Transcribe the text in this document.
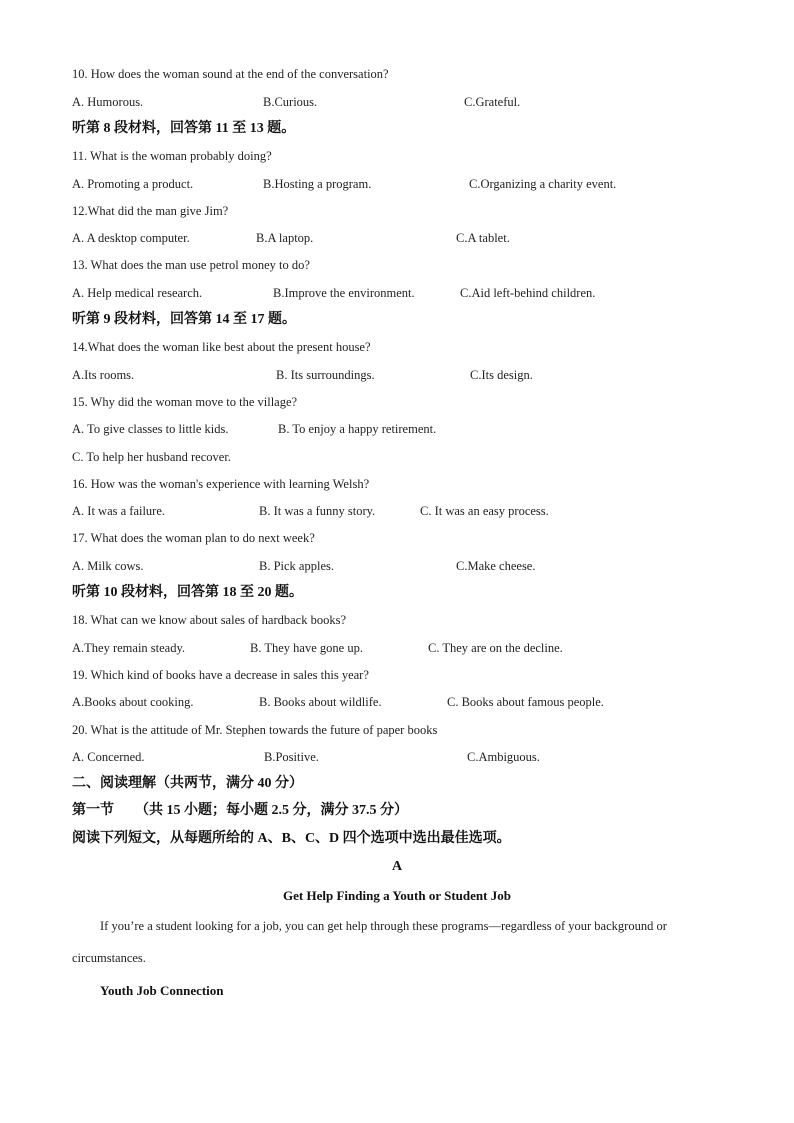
10. How does the woman sound at the end of the conversation?
A. Humorous.	B.Curious.	C.Grateful.
听第 8 段材料，回答第 11 至 13 题。
11. What is the woman probably doing?
A. Promoting a product.	B.Hosting a program.	C.Organizing a charity event.
12.What did the man give Jim?
A. A desktop computer.	B.A laptop.	C.A tablet.
13. What does the man use petrol money to do?
A. Help medical research.	B.Improve the environment.	C.Aid left-behind children.
听第 9 段材料，回答第 14 至 17 题。
14.What does the woman like best about the present house?
A.Its rooms.	B. Its surroundings.	C.Its design.
15. Why did the woman move to the village?
A. To give classes to little kids.	B. To enjoy a happy retirement.
C. To help her husband recover.
16. How was the woman's experience with learning Welsh?
A. It was a failure.	B. It was a funny story.	C. It was an easy process.
17. What does the woman plan to do next week?
A. Milk cows.	B. Pick apples.	C.Make cheese.
听第 10 段材料，回答第 18 至 20 题。
18. What can we know about sales of hardback books?
A.They remain steady.	B. They have gone up.	C. They are on the decline.
19. Which kind of books have a decrease in sales this year?
A.Books about cooking.	B. Books about wildlife.	C. Books about famous people.
20. What is the attitude of Mr. Stephen towards the future of paper books
A. Concerned.	B.Positive.	C.Ambiguous.
二、阅读理解（共两节，满分 40 分）
第一节　　（共 15 小题；每小题 2.5 分，满分 37.5 分）
阅读下列短文，从每题所给的 A、B、C、D 四个选项中选出最佳选项。
A
Get Help Finding a Youth or Student Job
If you’re a student looking for a job, you can get help through these programs—regardless of your background or circumstances.
Youth Job Connection
